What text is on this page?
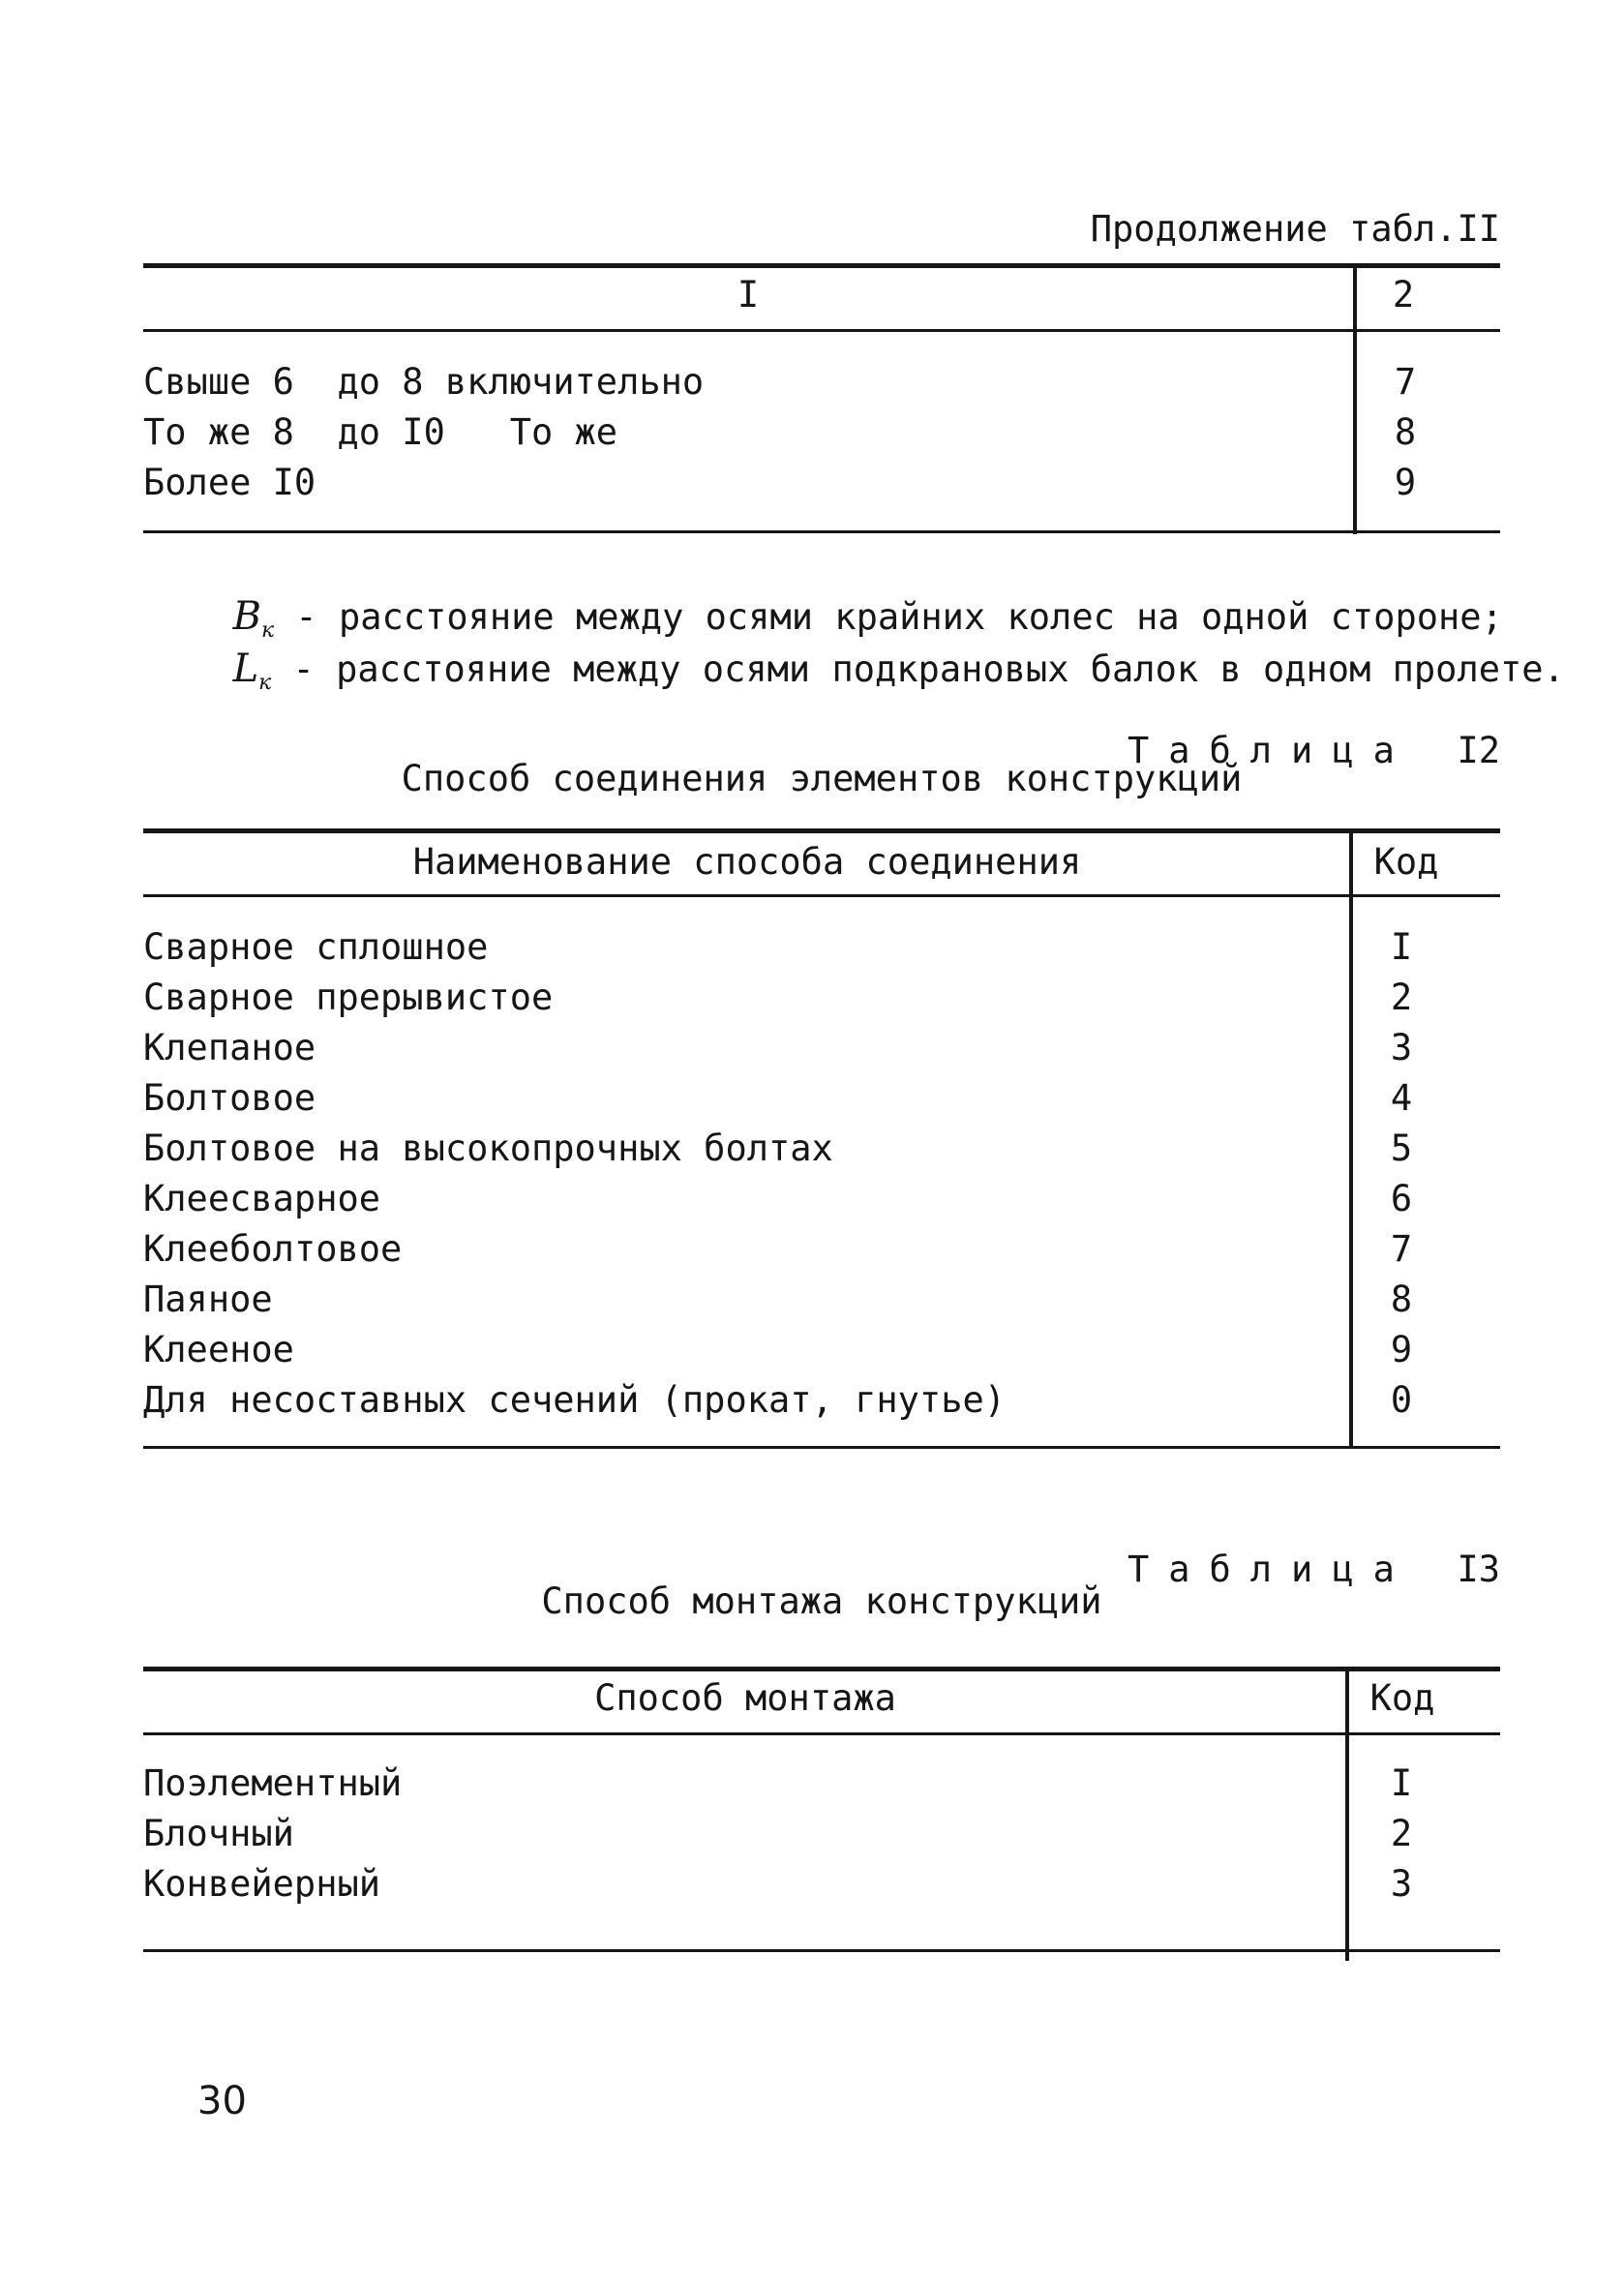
Продолжение табл.II
I	2
Свыше 6  до 8 включительно	7
То же 8  до I0   То же	8
Более I0	9

$B_к$ - расстояние между осями крайних колес на одной стороне;

$L_к$ - расстояние между осями подкрановых балок в одном пролете.

Таблица I2

Способ соединения элементов конструкций
Наименование способа соединения	Код
Сварное сплошное	I
Сварное прерывистое	2
Клепаное	3
Болтовое	4
Болтовое на высокопрочных болтах	5
Клеесварное	6
Клееболтовое	7
Паяное	8
Клееное	9
Для несоставных сечений (прокат, гнутье)	0

Таблица I3

Способ монтажа конструкций
Способ монтажа	Код
Поэлементный	I
Блочный	2
Конвейерный	3
30
